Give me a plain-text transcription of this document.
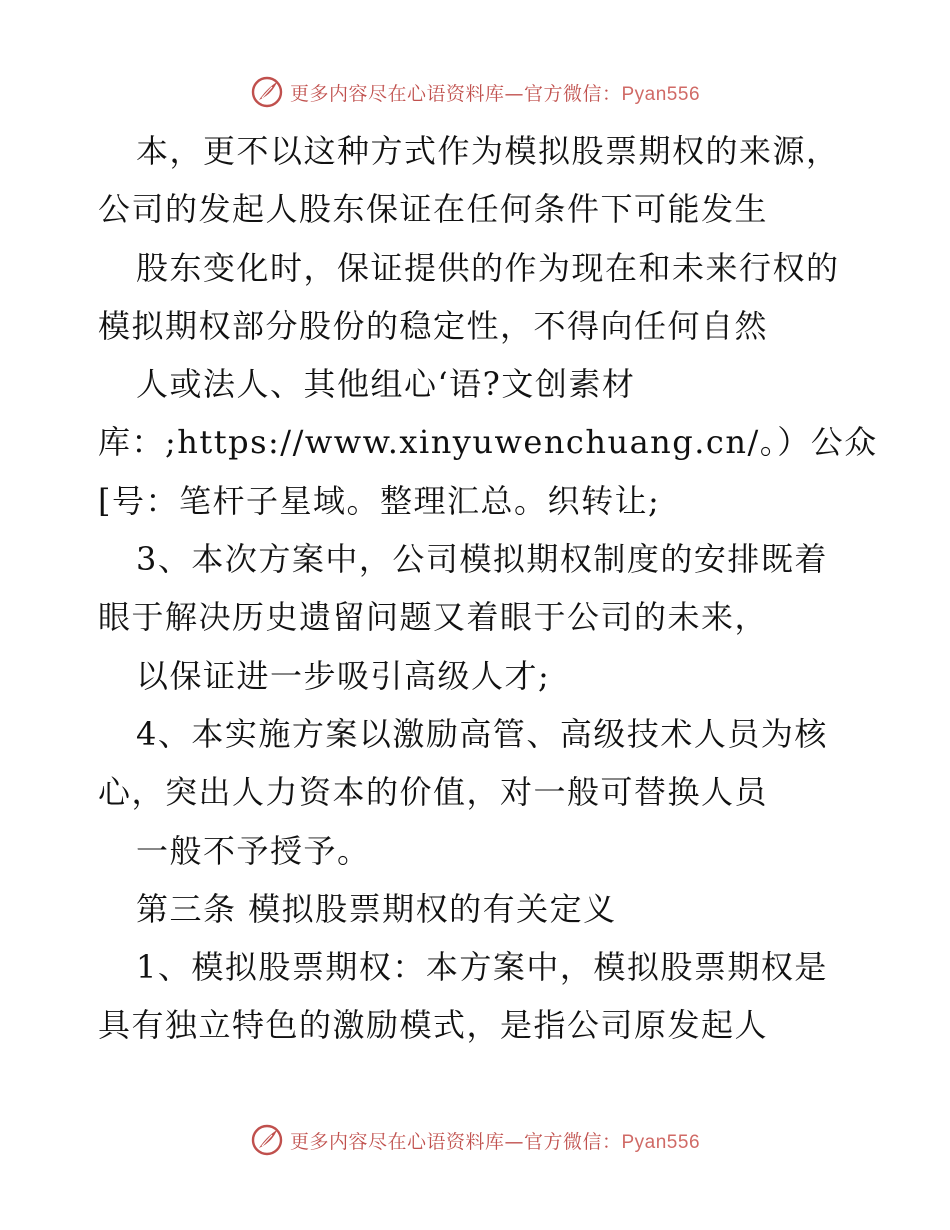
更多内容尽在心语资料库—官方微信：Pyan556
本，更不以这种方式作为模拟股票期权的来源，
公司的发起人股东保证在任何条件下可能发生
股东变化时，保证提供的作为现在和未来行权的
模拟期权部分股份的稳定性，不得向任何自然
人或法人、其他组心‘语?文创素材
库：;https://www.xinyuwenchuang.cn/。）公众
[号：笔杆子星域。整理汇总。织转让;
3、本次方案中，公司模拟期权制度的安排既着
眼于解决历史遗留问题又着眼于公司的未来，
以保证进一步吸引高级人才;
4、本实施方案以激励高管、高级技术人员为核
心，突出人力资本的价值，对一般可替换人员
一般不予授予。
第三条 模拟股票期权的有关定义
1、模拟股票期权：本方案中，模拟股票期权是
具有独立特色的激励模式，是指公司原发起人
更多内容尽在心语资料库—官方微信：Pyan556
